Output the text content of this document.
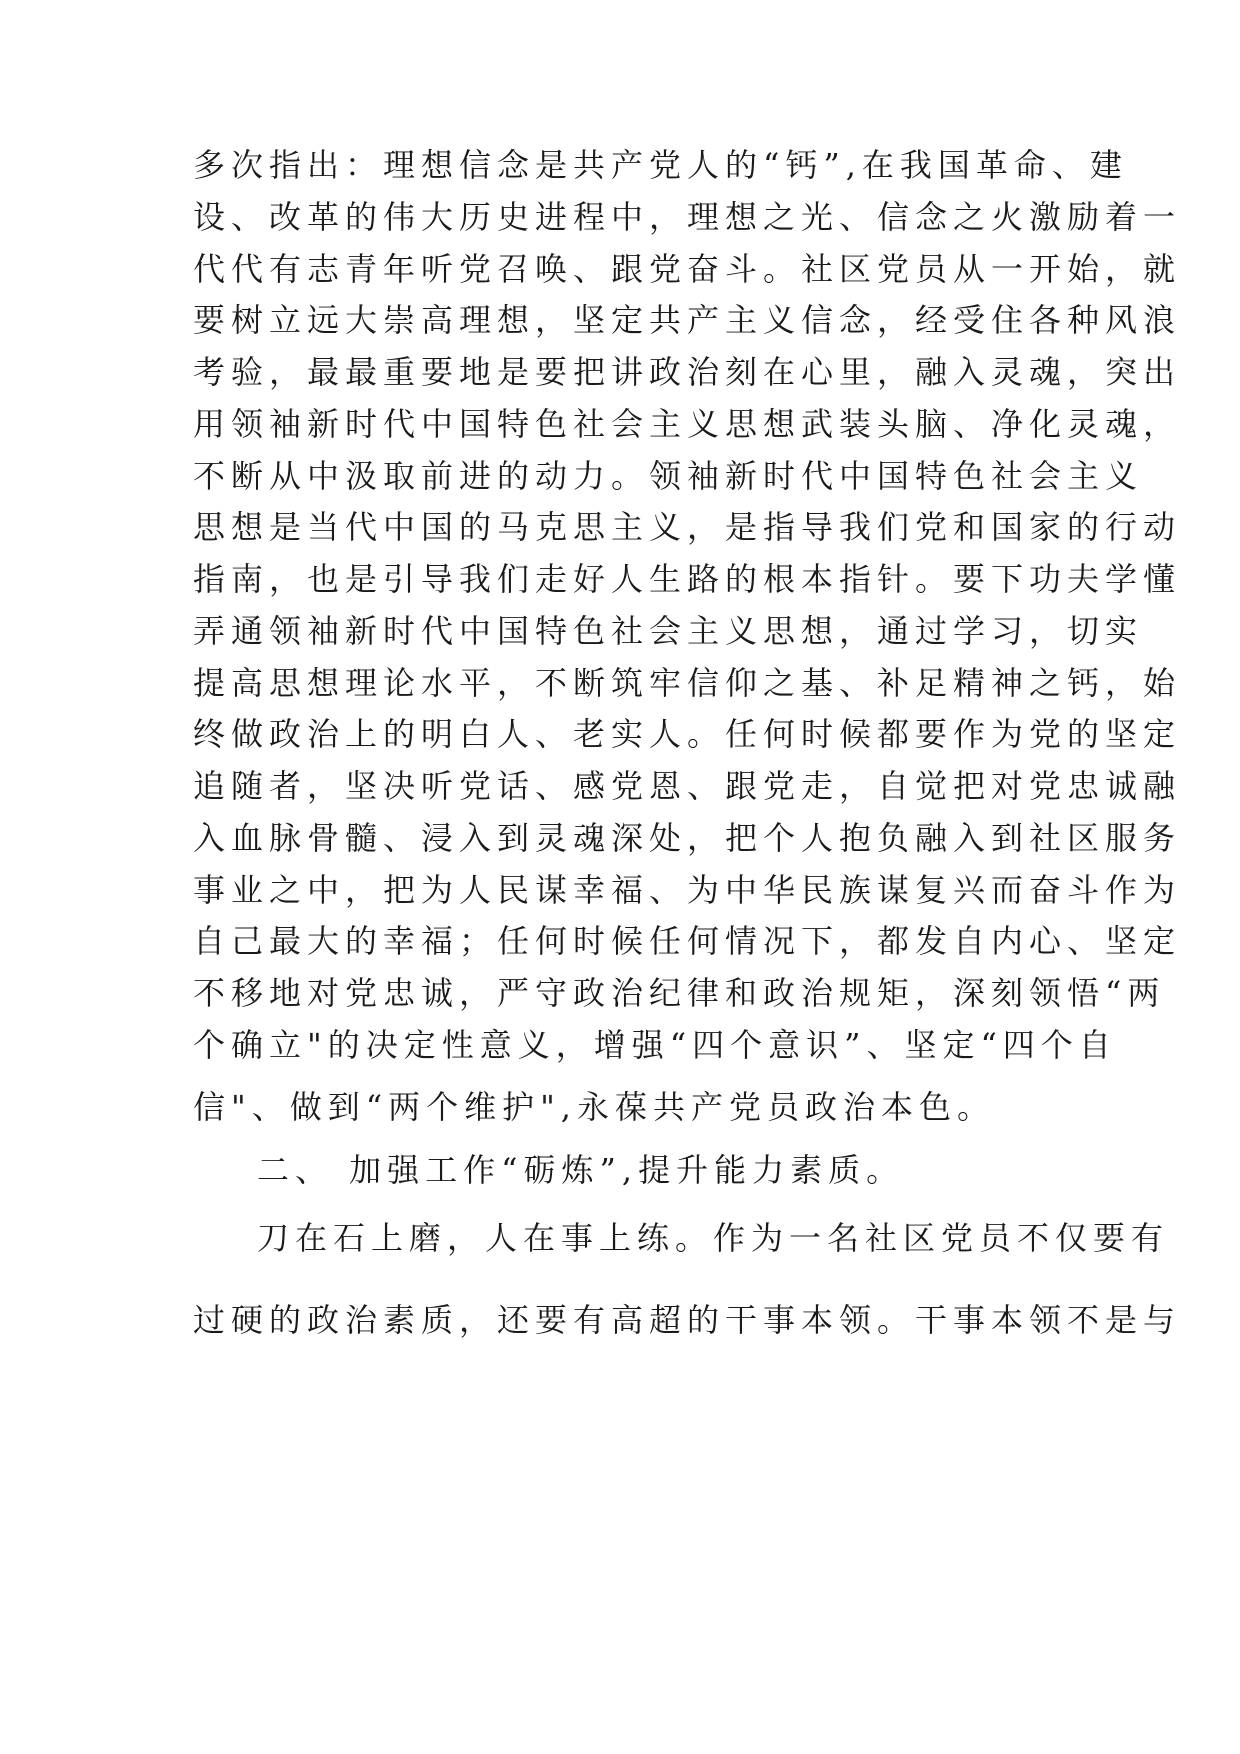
多次指出：理想信念是共产党人的“钙”,在我国革命、建
设、改革的伟大历史进程中，理想之光、信念之火激励着一
代代有志青年听党召唤、跟党奋斗。社区党员从一开始，就
要树立远大崇高理想，坚定共产主义信念，经受住各种风浪
考验，最最重要地是要把讲政治刻在心里，融入灵魂，突出
用领袖新时代中国特色社会主义思想武装头脑、净化灵魂，
不断从中汲取前进的动力。领袖新时代中国特色社会主义
思想是当代中国的马克思主义，是指导我们党和国家的行动
指南，也是引导我们走好人生路的根本指针。要下功夫学懂
弄通领袖新时代中国特色社会主义思想，通过学习，切实
提高思想理论水平，不断筑牢信仰之基、补足精神之钙，始
终做政治上的明白人、老实人。任何时候都要作为党的坚定
追随者，坚决听党话、感党恩、跟党走，自觉把对党忠诚融
入血脉骨髓、浸入到灵魂深处，把个人抱负融入到社区服务
事业之中，把为人民谋幸福、为中华民族谋复兴而奋斗作为
自己最大的幸福；任何时候任何情况下，都发自内心、坚定
不移地对党忠诚，严守政治纪律和政治规矩，深刻领悟“两
个确立"的决定性意义，增强“四个意识”、坚定“四个自
信"、做到“两个维护",永葆共产党员政治本色。
二、 加强工作“砺炼”,提升能力素质。
刀在石上磨，人在事上练。作为一名社区党员不仅要有
过硬的政治素质，还要有高超的干事本领。干事本领不是与
